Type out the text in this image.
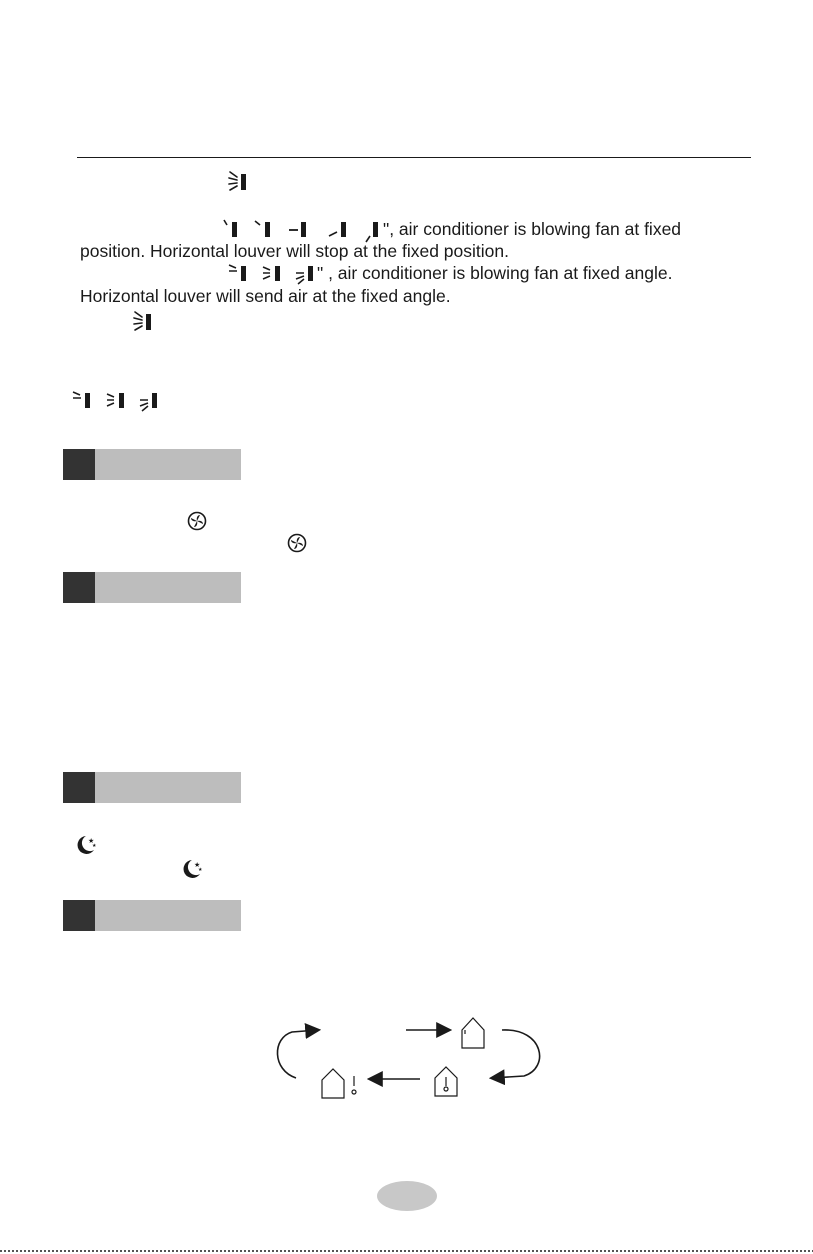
", air conditioner is blowing fan at fixed
position. Horizontal louver will stop at the fixed position.
" , air conditioner is blowing fan at fixed angle.
Horizontal louver will send air at the fixed angle.
★
★
★
★
